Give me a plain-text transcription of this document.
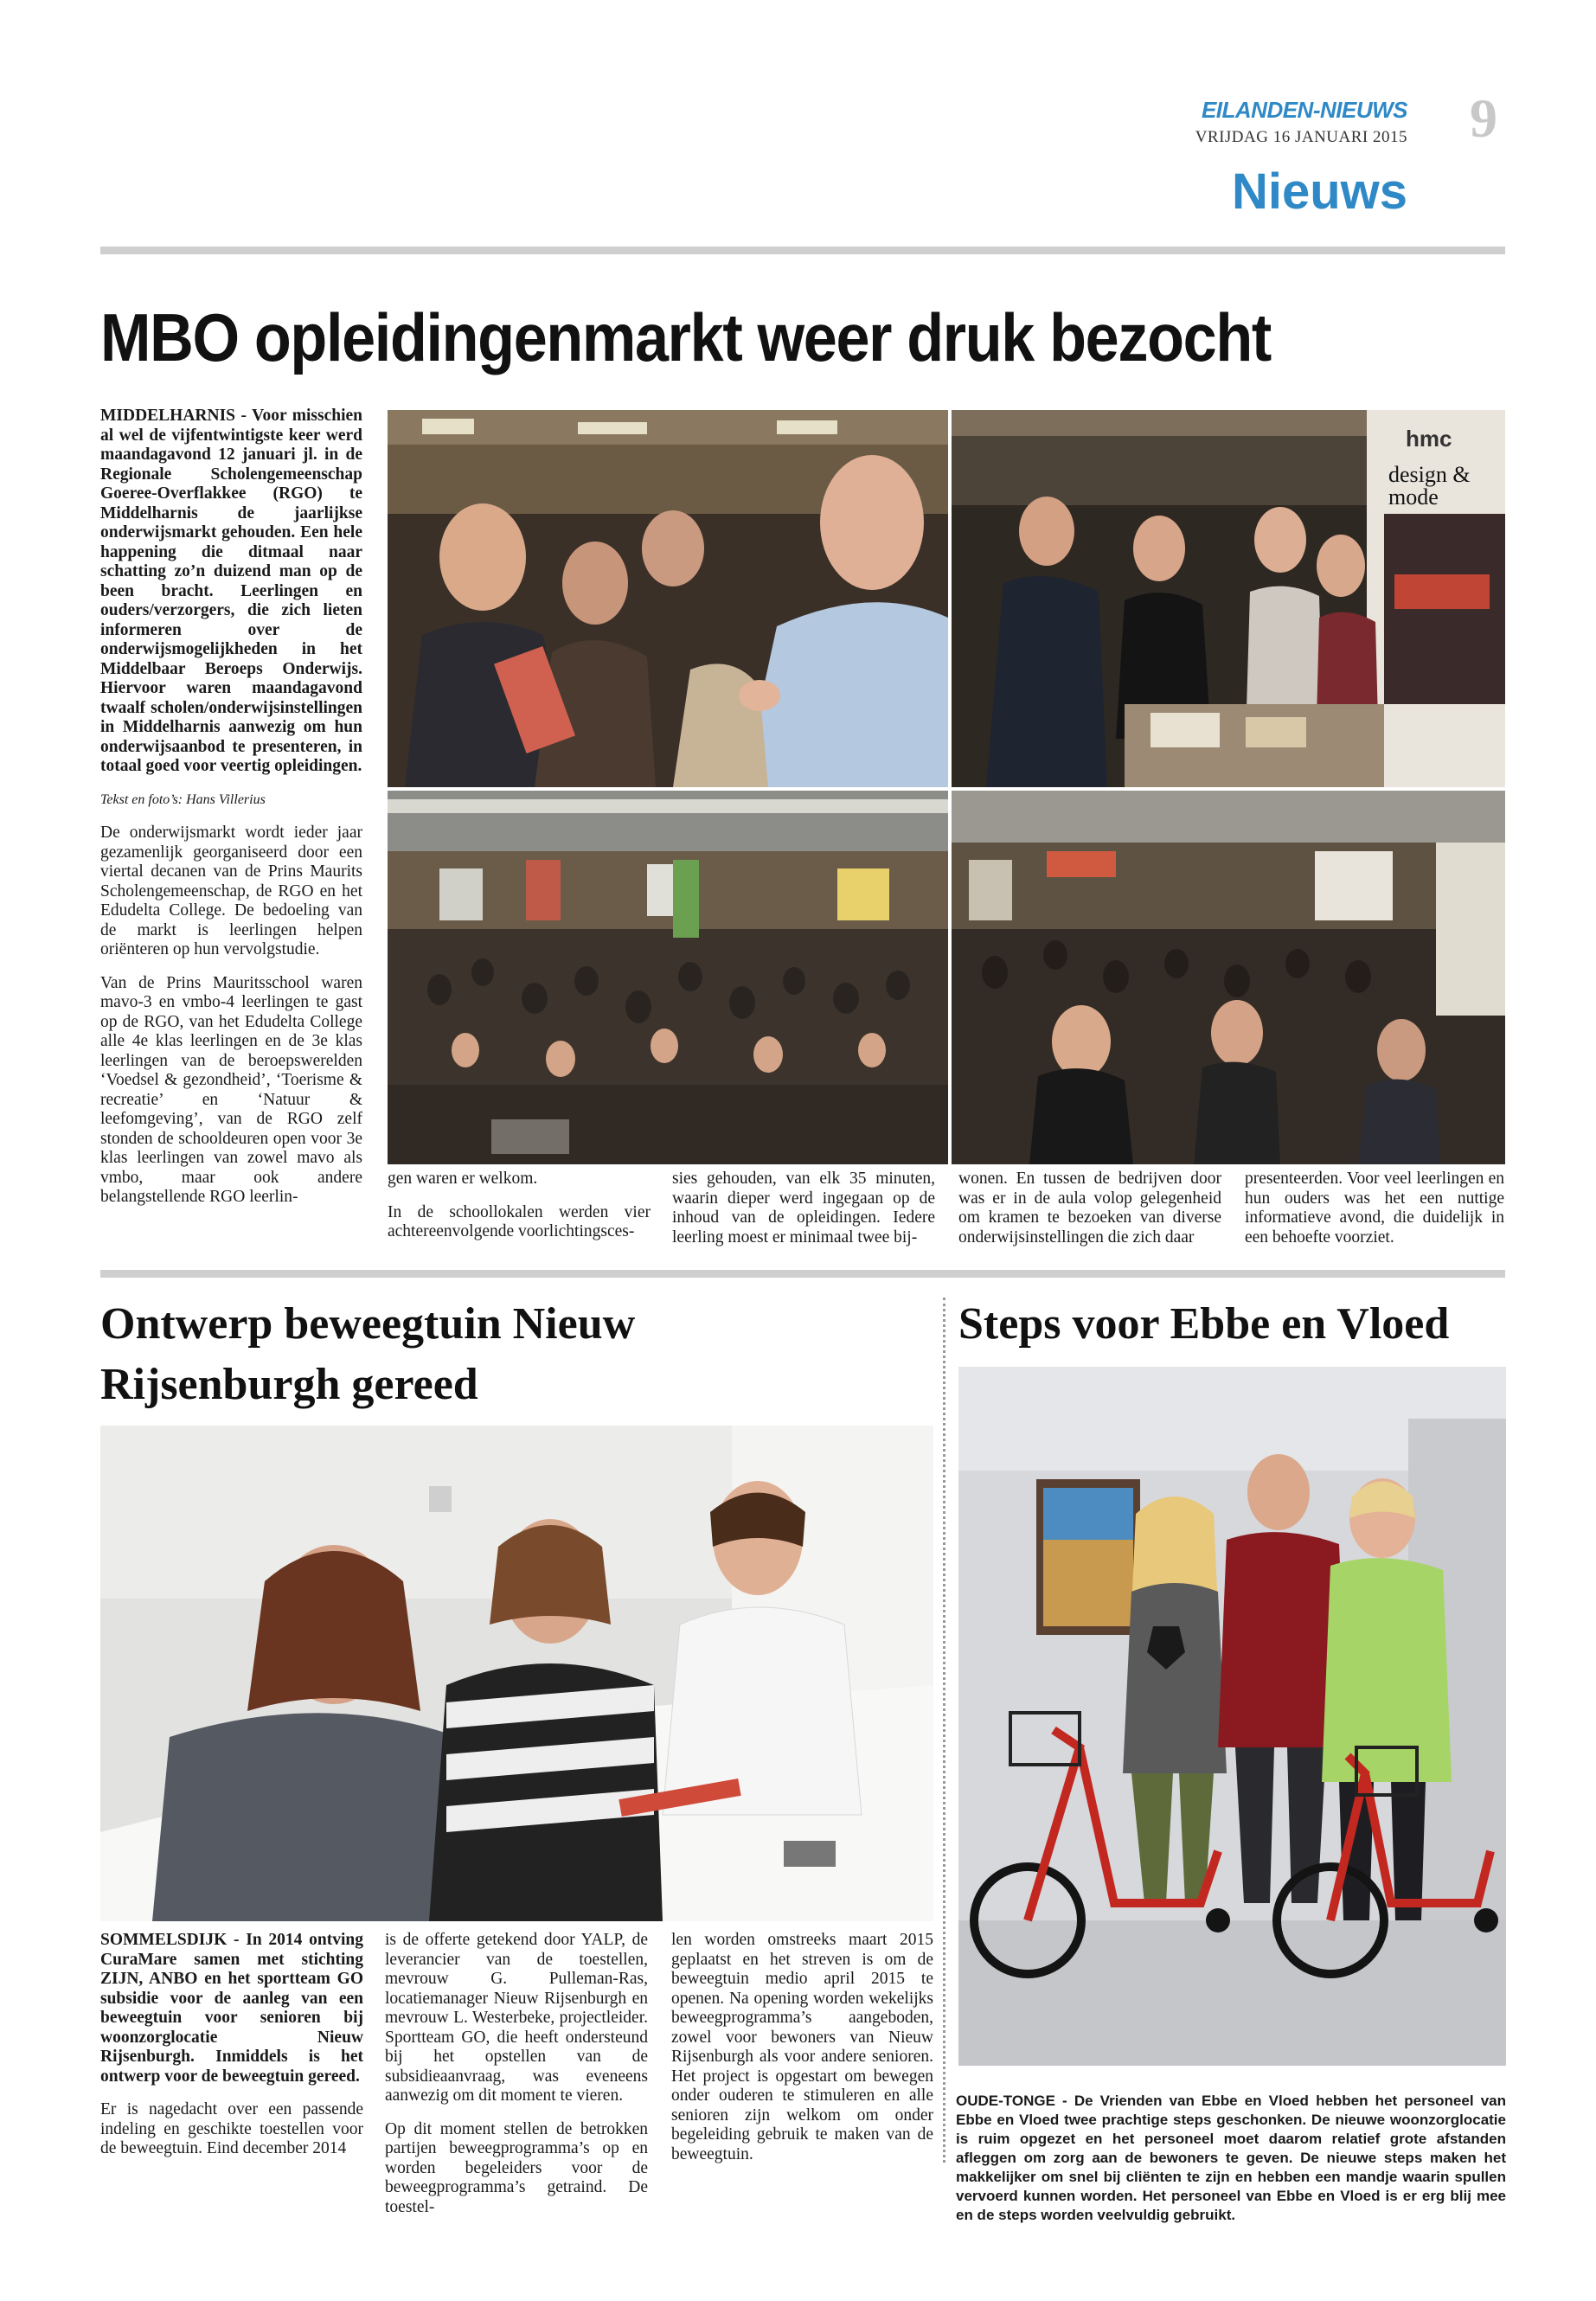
EILANDEN-NIEUWS
VRIJDAG 16 JANUARI 2015 9
Nieuws
MBO opleidingenmarkt weer druk bezocht

MIDDELHARNIS - Voor misschien al wel de vijfentwintigste keer werd maandagavond 12 januari jl. in de Regionale Scholengemeenschap Goeree-Overflakkee (RGO) te Middelharnis de jaarlijkse onderwijsmarkt gehouden. Een hele happening die ditmaal naar schatting zo’n duizend man op de been bracht. Leerlingen en ouders/verzorgers, die zich lieten informeren over de onderwijsmogelijkheden in het Middelbaar Beroeps Onderwijs. Hiervoor waren maandagavond twaalf scholen/onderwijsinstellingen in Middelharnis aanwezig om hun onderwijsaanbod te presenteren, in totaal goed voor veertig opleidingen.

Tekst en foto’s: Hans Villerius

De onderwijsmarkt wordt ieder jaar gezamenlijk georganiseerd door een viertal decanen van de Prins Maurits Scholengemeenschap, de RGO en het Edudelta College. De bedoeling van de markt is leerlingen helpen oriënteren op hun vervolgstudie.

Van de Prins Mauritsschool waren mavo-3 en vmbo-4 leerlingen te gast op de RGO, van het Edudelta College alle 4e klas leerlingen en de 3e klas leerlingen van de beroepswerelden ‘Voedsel & gezondheid’, ‘Toerisme & recreatie’ en ‘Natuur & leefomgeving’, van de RGO zelf stonden de schooldeuren open voor 3e klas leerlingen van zowel mavo als vmbo, maar ook andere belangstellende RGO leerlin-

hmc
design & mode

gen waren er welkom.

In de schoollokalen werden vier achtereenvolgende voorlichtingsces-

sies gehouden, van elk 35 minuten, waarin dieper werd ingegaan op de inhoud van de opleidingen. Iedere leerling moest er minimaal twee bij-

wonen. En tussen de bedrijven door was er in de aula volop gelegenheid om kramen te bezoeken van diverse onderwijsinstellingen die zich daar

presenteerden. Voor veel leerlingen en hun ouders was het een nuttige informatieve avond, die duidelijk in een behoefte voorziet.

Ontwerp beweegtuin Nieuw Rijsenburgh gereed

SOMMELSDIJK - In 2014 ontving CuraMare samen met stichting ZIJN, ANBO en het sportteam GO subsidie voor de aanleg van een beweegtuin voor senioren bij woonzorglocatie Nieuw Rijsenburgh. Inmiddels is het ontwerp voor de beweegtuin gereed.

Er is nagedacht over een passende indeling en geschikte toestellen voor de beweegtuin. Eind december 2014

is de offerte getekend door YALP, de leverancier van de toestellen, mevrouw G. Pulleman-Ras, locatiemanager Nieuw Rijsenburgh en mevrouw L. Westerbeke, projectleider. Sportteam GO, die heeft ondersteund bij het opstellen van de subsidieaanvraag, was eveneens aanwezig om dit moment te vieren.

Op dit moment stellen de betrokken partijen beweegprogramma’s op en worden begeleiders voor de beweegprogramma’s getraind. De toestel-

len worden omstreeks maart 2015 geplaatst en het streven is om de beweegtuin medio april 2015 te openen. Na opening worden wekelijks beweegprogramma’s aangeboden, zowel voor bewoners van Nieuw Rijsenburgh als voor andere senioren. Het project is opgestart om bewegen onder ouderen te stimuleren en alle senioren zijn welkom om onder begeleiding gebruik te maken van de beweegtuin.

Steps voor Ebbe en Vloed
OUDE-TONGE - De Vrienden van Ebbe en Vloed hebben het personeel van Ebbe en Vloed twee prachtige steps geschonken. De nieuwe woonzorglocatie is ruim opgezet en het personeel moet daarom relatief grote afstanden afleggen om zorg aan de bewoners te geven. De nieuwe steps maken het makkelijker om snel bij cliënten te zijn en hebben een mandje waarin spullen vervoerd kunnen worden. Het personeel van Ebbe en Vloed is er erg blij mee en de steps worden veelvuldig gebruikt.
